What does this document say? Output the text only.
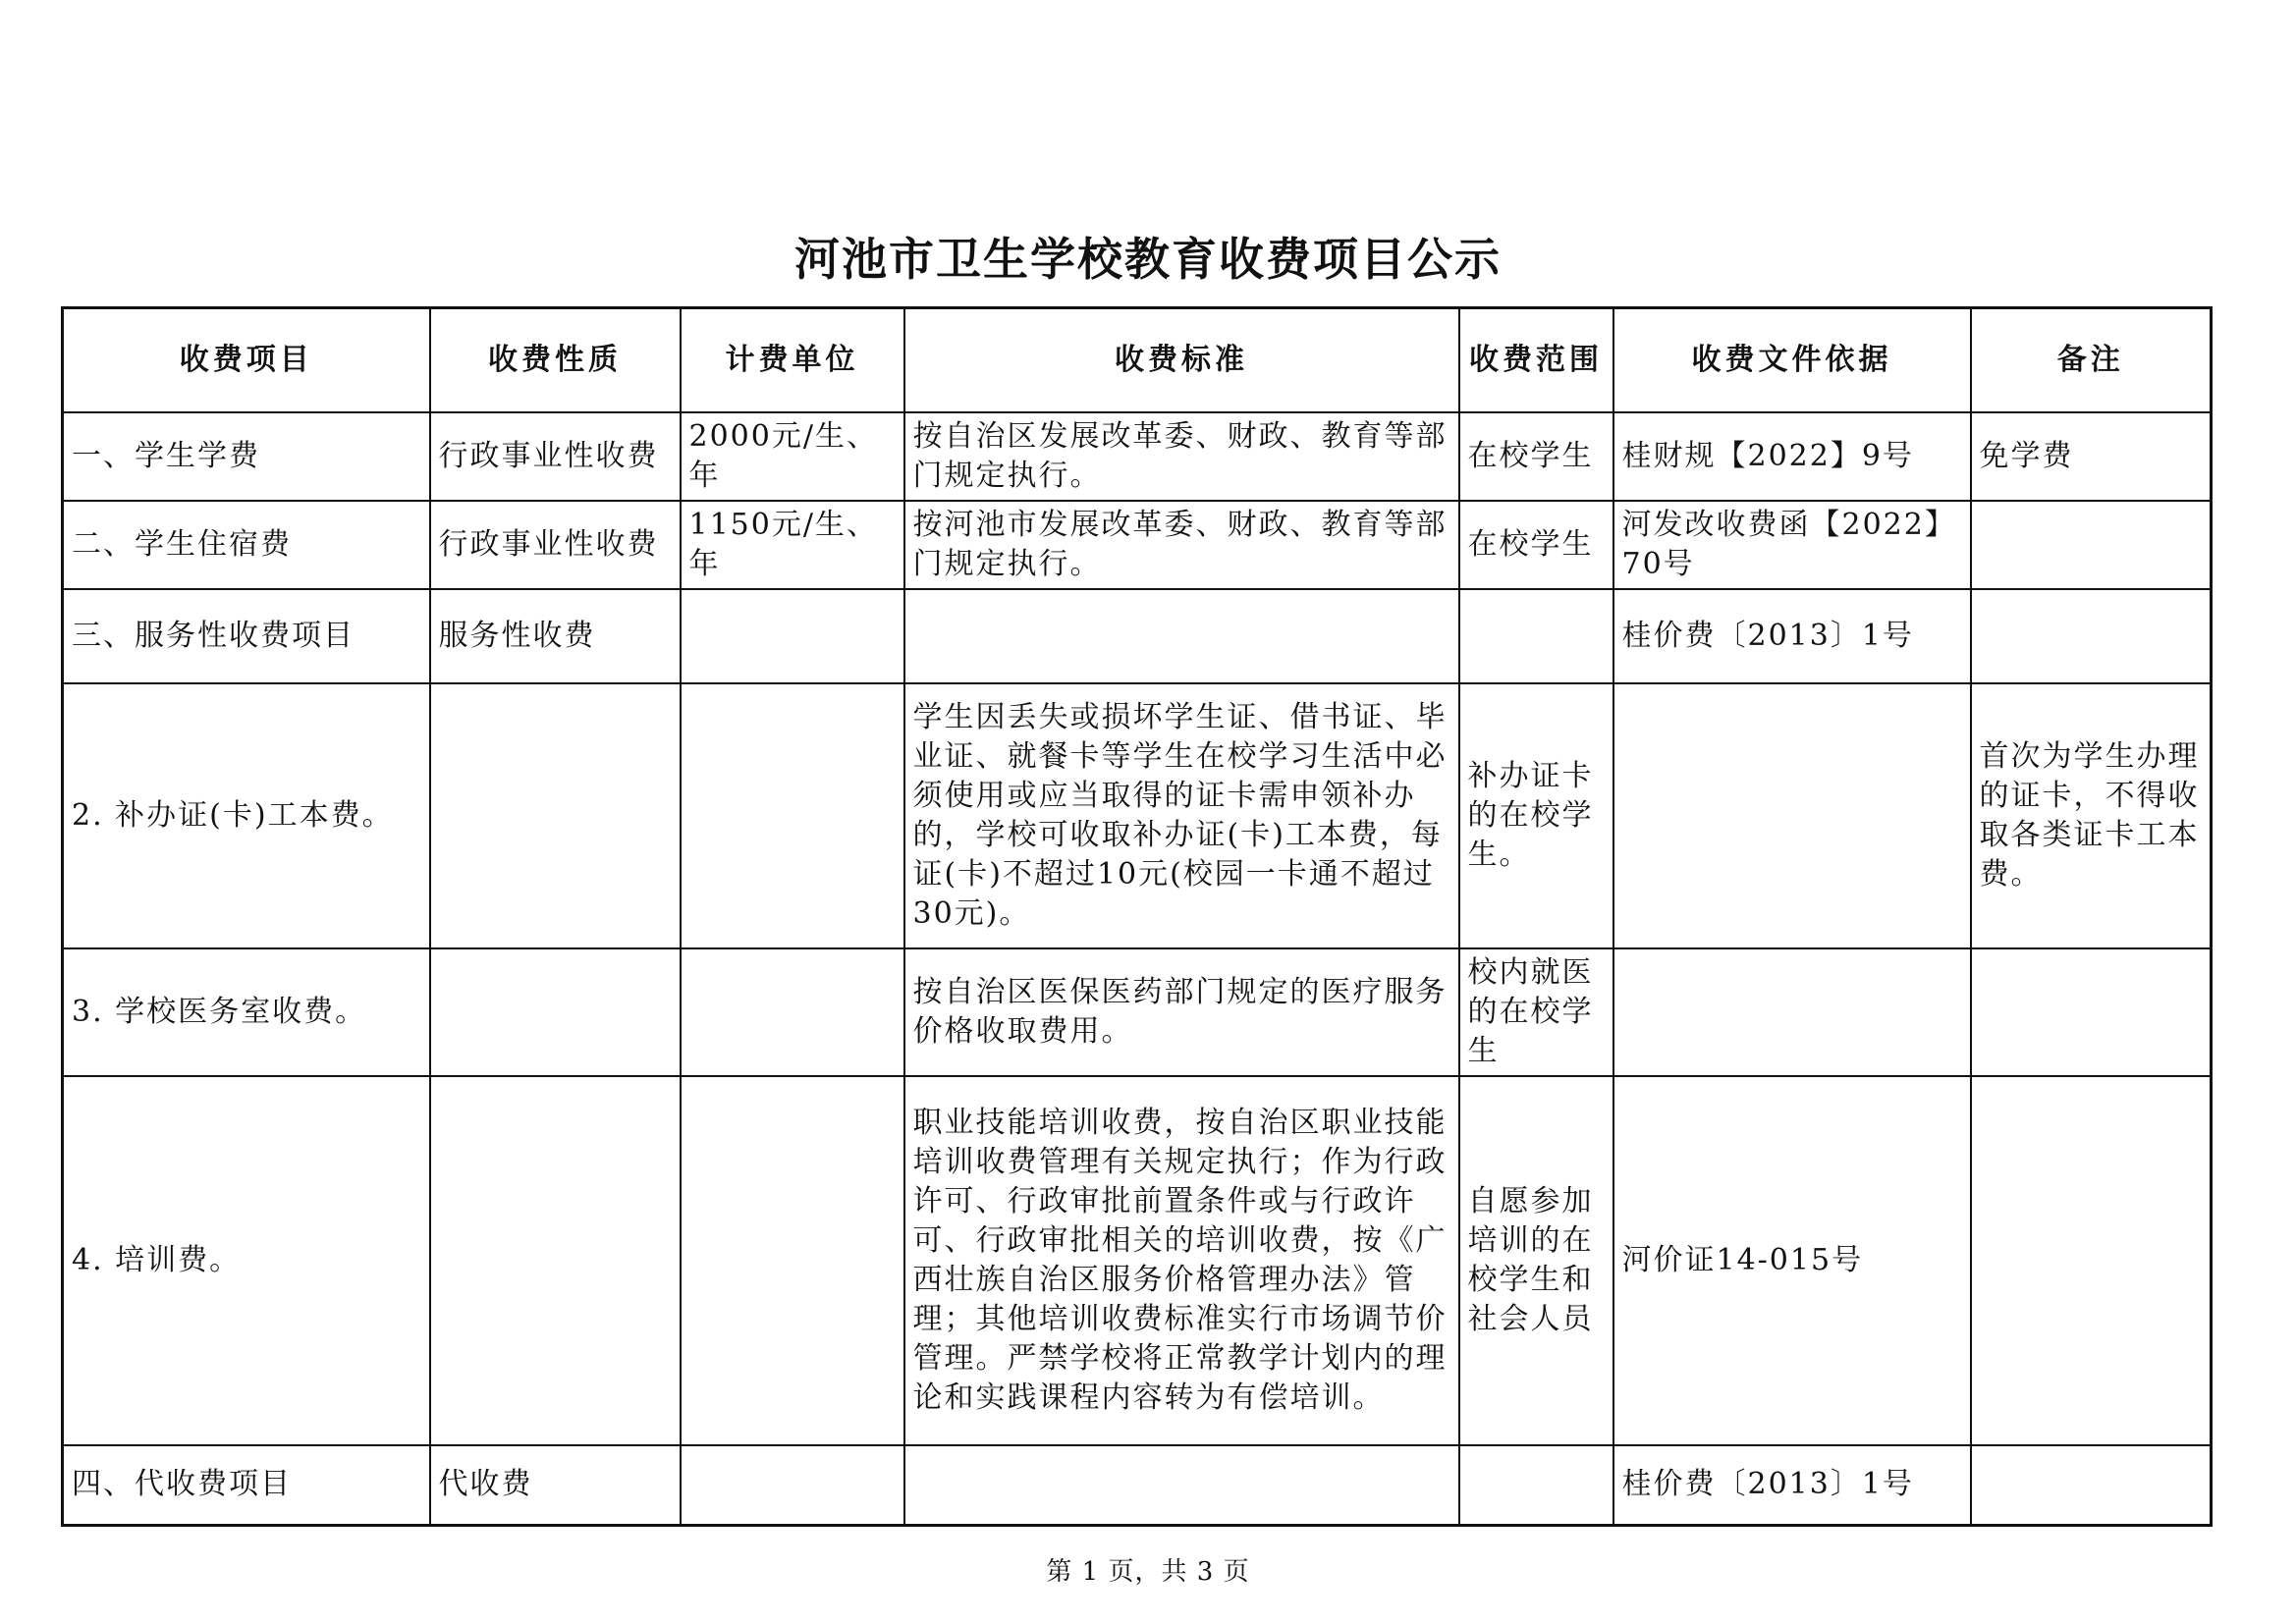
河池市卫生学校教育收费项目公示
收费项目	收费性质	计费单位	收费标准	收费范围	收费文件依据	备注
一、学生学费	行政事业性收费	2000元/生、年	按自治区发展改革委、财政、教育等部门规定执行。	在校学生	桂财规【2022】9号	免学费
二、学生住宿费	行政事业性收费	1150元/生、年	按河池市发展改革委、财政、教育等部门规定执行。	在校学生	河发改收费函【2022】70号	
三、服务性收费项目	服务性收费				桂价费〔2013〕1号	
2. 补办证(卡)工本费。			学生因丢失或损坏学生证、借书证、毕业证、就餐卡等学生在校学习生活中必须使用或应当取得的证卡需申领补办的，学校可收取补办证(卡)工本费，每证(卡)不超过10元(校园一卡通不超过30元)。	补办证卡的在校学生。		首次为学生办理的证卡，不得收取各类证卡工本费。
3. 学校医务室收费。			按自治区医保医药部门规定的医疗服务价格收取费用。	校内就医的在校学生		
4. 培训费。			职业技能培训收费，按自治区职业技能培训收费管理有关规定执行；作为行政许可、行政审批前置条件或与行政许可、行政审批相关的培训收费，按《广西壮族自治区服务价格管理办法》管理；其他培训收费标准实行市场调节价管理。严禁学校将正常教学计划内的理论和实践课程内容转为有偿培训。	自愿参加培训的在校学生和社会人员	河价证14-015号	
四、代收费项目	代收费				桂价费〔2013〕1号	
第 1 页，共 3 页
